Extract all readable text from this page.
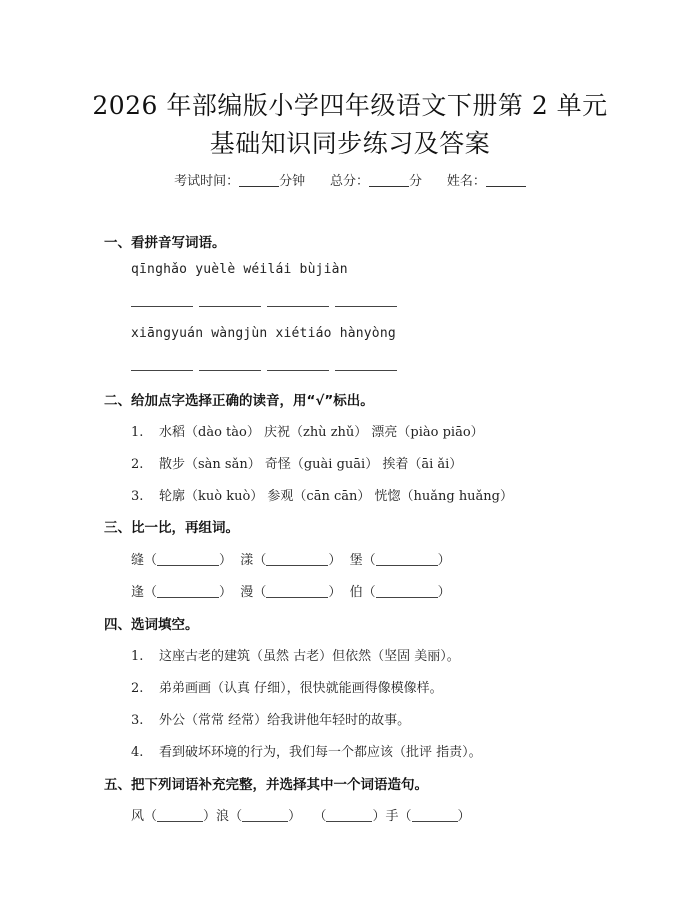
2026 年部编版小学四年级语文下册第 2 单元
基础知识同步练习及答案
考试时间：	分钟 总分：	分 姓名：
一、看拼音写词语。
qīnghǎo yuèlè wéilái bùjiàn
xiāngyuán wàngjùn xiétiáo hànyòng
二、给加点字选择正确的读音，用“√”标出。
1. 水稻（dào tào） 庆祝（zhù zhǔ） 漂亮（piào piāo）
2. 散步（sàn sǎn） 奇怪（guài guāi） 挨着（āi ǎi）
3. 轮廓（kuò kuò） 参观（cān cān） 恍惚（huǎng huǎng）
三、比一比，再组词。
缝（	）  漾（	）  堡（	）
逢（	）  漫（	）  伯（	）
四、选词填空。
1. 这座古老的建筑（虽然 古老）但依然（坚固 美丽）。
2. 弟弟画画（认真 仔细），很快就能画得像模像样。
3. 外公（常常 经常）给我讲他年轻时的故事。
4. 看到破坏环境的行为，我们每一个都应该（批评 指责）。
五、把下列词语补充完整，并选择其中一个词语造句。
风（	）浪（	）   （	）手（	）
